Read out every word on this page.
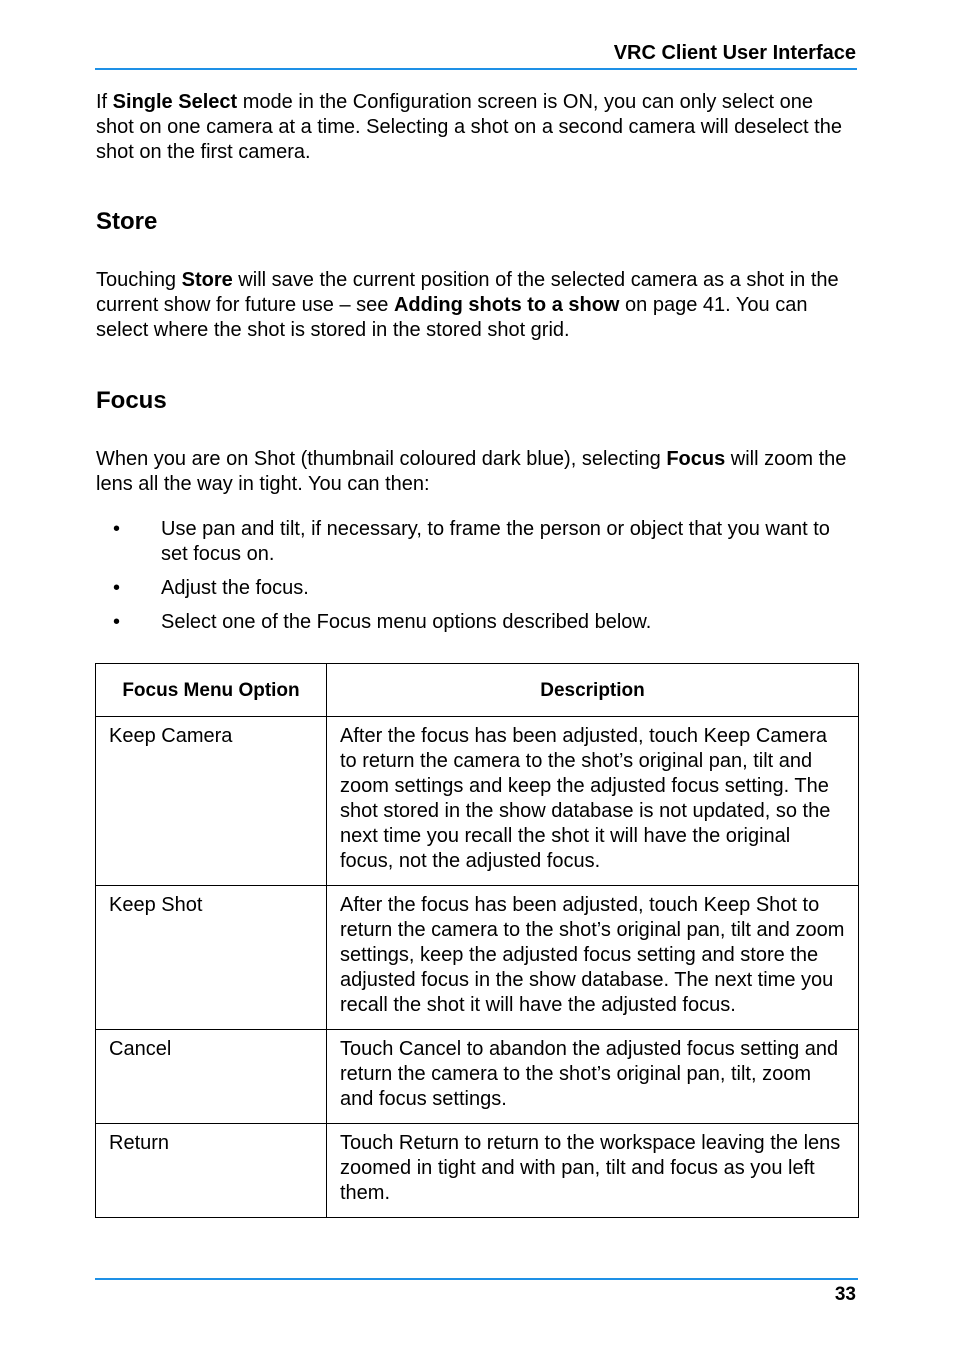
VRC Client User Interface

If Single Select mode in the Configuration screen is ON, you can only select one shot on one camera at a time. Selecting a shot on a second camera will deselect the shot on the first camera.

Store

Touching Store will save the current position of the selected camera as a shot in the current show for future use – see Adding shots to a show on page 41. You can select where the shot is stored in the stored shot grid.

Focus

When you are on Shot (thumbnail coloured dark blue), selecting Focus will zoom the lens all the way in tight. You can then:

• Use pan and tilt, if necessary, to frame the person or object that you want to set focus on.
• Adjust the focus.
• Select one of the Focus menu options described below.
Focus Menu Option	Description
Keep Camera	After the focus has been adjusted, touch Keep Camera to return the camera to the shot’s original pan, tilt and zoom settings and keep the adjusted focus setting. The shot stored in the show database is not updated, so the next time you recall the shot it will have the original focus, not the adjusted focus.
Keep Shot	After the focus has been adjusted, touch Keep Shot to return the camera to the shot’s original pan, tilt and zoom settings, keep the adjusted focus setting and store the adjusted focus in the show database. The next time you recall the shot it will have the adjusted focus.
Cancel	Touch Cancel to abandon the adjusted focus setting and return the camera to the shot’s original pan, tilt, zoom and focus settings.
Return	Touch Return to return to the workspace leaving the lens zoomed in tight and with pan, tilt and focus as you left them.
33
